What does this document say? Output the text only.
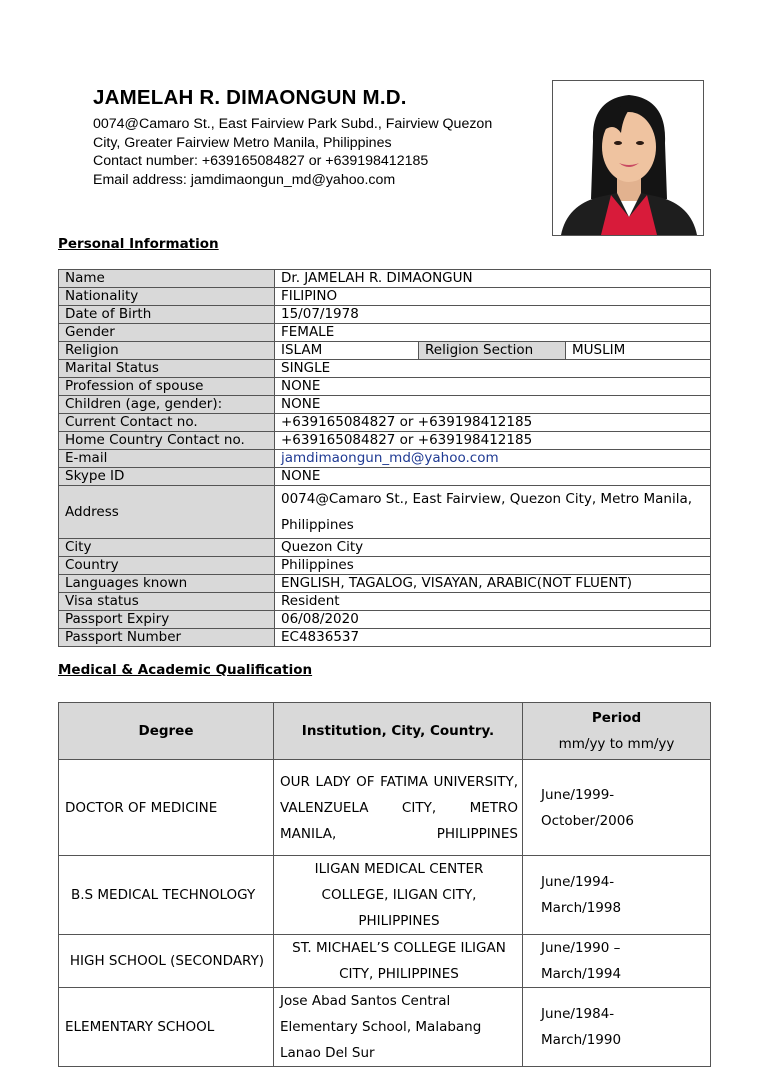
JAMELAH R. DIMAONGUN M.D.
0074@Camaro St., East Fairview Park Subd., Fairview Quezon
City, Greater Fairview Metro Manila, Philippines
Contact number: +639165084827 or +639198412185
Email address: jamdimaongun_md@yahoo.com
Personal Information
Name	Dr. JAMELAH R. DIMAONGUN		
Nationality	FILIPINO		
Date of Birth	15/07/1978		
Gender	FEMALE		
Religion	ISLAM	Religion Section	MUSLIM
Marital Status	SINGLE		
Profession of spouse	NONE		
Children (age, gender):	NONE		
Current Contact no.	+639165084827 or +639198412185		
Home Country Contact no.	+639165084827 or +639198412185		
E-mail	jamdimaongun_md@yahoo.com		
Skype ID	NONE		
Address	0074@Camaro St., East Fairview, Quezon City, Metro Manila, Philippines		
City	Quezon City		
Country	Philippines		
Languages known	ENGLISH, TAGALOG, VISAYAN, ARABIC(NOT FLUENT)		
Visa status	Resident		
Passport Expiry	06/08/2020		
Passport Number	EC4836537		
Medical & Academic Qualification
Degree	Institution, City, Country.	Period
mm/yy to mm/yy

DOCTOR OF MEDICINE	OUR LADY OF FATIMA UNIVERSITY, VALENZUELA CITY, METRO MANILA, PHILIPPINES	June/1999-
October/2006

B.S MEDICAL TECHNOLOGY	ILIGAN MEDICAL CENTER COLLEGE, ILIGAN CITY, PHILIPPINES	June/1994-
March/1998

HIGH SCHOOL (SECONDARY)	ST. MICHAEL’S COLLEGE ILIGAN CITY, PHILIPPINES	June/1990 –
March/1994

ELEMENTARY SCHOOL	Jose Abad Santos Central Elementary School, Malabang Lanao Del Sur	June/1984-
March/1990
